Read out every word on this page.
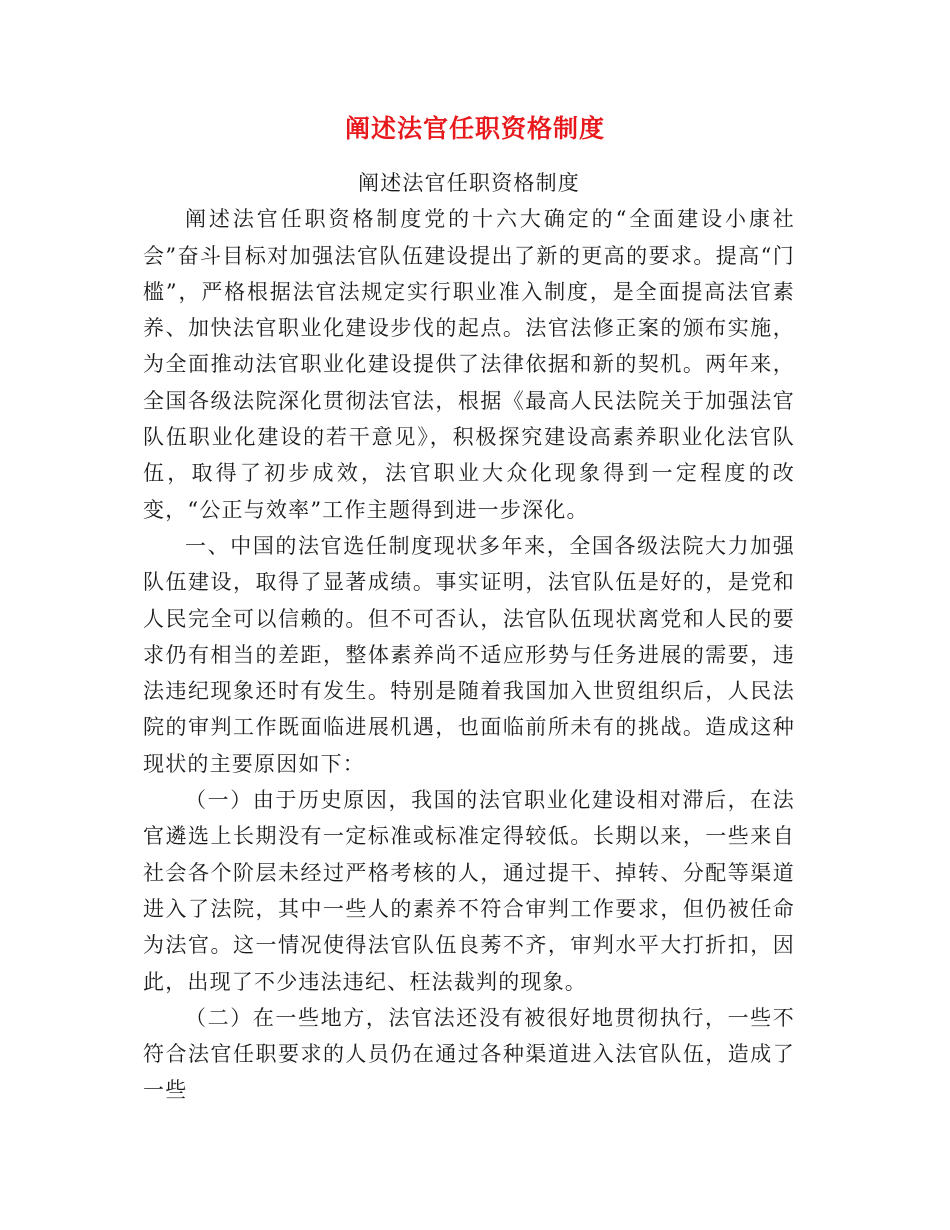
阐述法官任职资格制度

阐述法官任职资格制度

阐述法官任职资格制度党的十六大确定的“全面建设小康社会”奋斗目标对加强法官队伍建设提出了新的更高的要求。提高“门槛”，严格根据法官法规定实行职业准入制度，是全面提高法官素养、加快法官职业化建设步伐的起点。法官法修正案的颁布实施，为全面推动法官职业化建设提供了法律依据和新的契机。两年来，全国各级法院深化贯彻法官法，根据《最高人民法院关于加强法官队伍职业化建设的若干意见》，积极探究建设高素养职业化法官队伍，取得了初步成效，法官职业大众化现象得到一定程度的改变，“公正与效率”工作主题得到进一步深化。

一、中国的法官选任制度现状多年来，全国各级法院大力加强队伍建设，取得了显著成绩。事实证明，法官队伍是好的，是党和人民完全可以信赖的。但不可否认，法官队伍现状离党和人民的要求仍有相当的差距，整体素养尚不适应形势与任务进展的需要，违法违纪现象还时有发生。特别是随着我国加入世贸组织后，人民法院的审判工作既面临进展机遇，也面临前所未有的挑战。造成这种现状的主要原因如下：

（一）由于历史原因，我国的法官职业化建设相对滞后，在法官遴选上长期没有一定标准或标准定得较低。长期以来，一些来自社会各个阶层未经过严格考核的人，通过提干、掉转、分配等渠道进入了法院，其中一些人的素养不符合审判工作要求，但仍被任命为法官。这一情况使得法官队伍良莠不齐，审判水平大打折扣，因此，出现了不少违法违纪、枉法裁判的现象。

（二）在一些地方，法官法还没有被很好地贯彻执行，一些不符合法官任职要求的人员仍在通过各种渠道进入法官队伍，造成了一些
